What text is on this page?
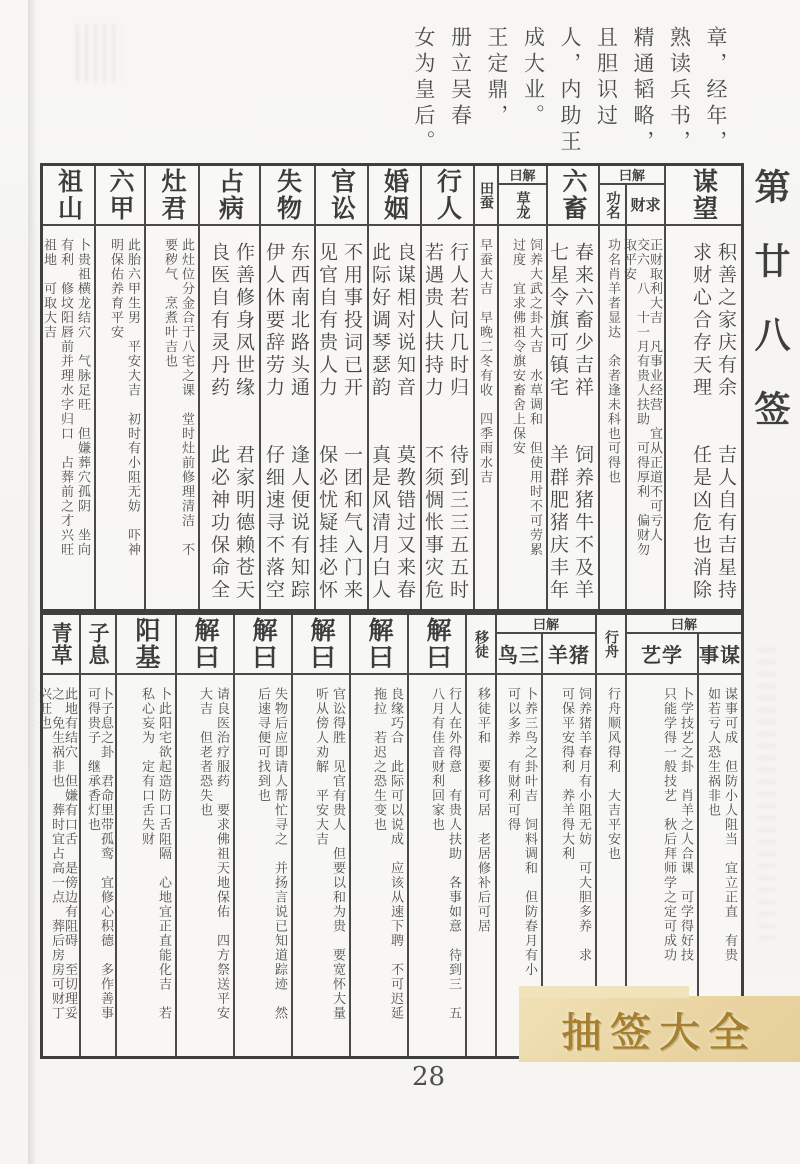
章，经年，
熟读兵书，
精通韬略，
且胆识过
人，内助王
成大业。
王定鼎，
册立吴春
女为皇后。
第廿八签
祖山
卜贵祖横龙结穴　气脉足旺　但嫌葬穴孤阴　坐向
有利　修坟阳唇前并理水字归口　占葬前之才兴旺
祖地　可取大吉
六甲
此胎六甲生男　平安大吉　初时有小阻无妨　吓神
明保佑养育平安
灶君
此灶位分金合于八宅之课　堂时灶前修理清洁　不
要秽气　烹煮叶吉也
占病
作善修身凤世缘　　君家明德赖苍天
良医自有灵丹药　　此必神功保命全
失物
东西南北路头通　　逢人便说有知踪
伊人休要辞劳力　　仔细速寻不落空
官讼
不用事投词已开　　一团和气入门来
见官自有贵人力　　保必忧疑挂必怀
婚姻
良谋相对说知音　　莫教错过又来春
此际好调琴瑟韵　　真是风清月白人
行人
行人若问几时归　　待到三三五五时
若遇贵人扶持力　　不须惆怅事灾危
田蚕
早蚕大吉　早晚二冬有收　四季雨水吉
曰解
草龙
饲养大武之卦大吉　水草调和　但使用时不可劳累
过度　宜求佛祖令旗安畜舍上保安
六畜
春来六畜少吉祥　　饲养猪牛不及羊
七星令旗可镇宅　　羊群肥猪庆丰年
曰解
功名
功名肖羊者显达　余者逢未科也可得也
财求
正财取利大吉　凡事业经营　宜从正道不可亏人
交六　八　十一月有贵人扶助　可得厚利　偏财勿
取平安
谋望
积善之家庆有余　　吉人自有吉星持
求财心合存天理　　任是凶危也消除
青草
此地有结穴　但嫌有口舌　是傍边有阻碍　至切理妥
之　免生祸非也　葬时宜占高一点　葬后房房可财丁
兴旺也
子息
卜子息之卦　君命里带孤鸾　宜修心积德　多作善事
可得贵子　继承香灯也
阳基
卜此阳宅欲起造防口舌阻隔　心地宜正直能化吉　若
私心妄为　定有口舌失财
解曰
请良医治疗服药　要求佛祖天地保佑　四方祭送平安
大吉　但老者恐失也
解曰
失物后应即请人帮忙寻之　并扬言说已知道踪迹　然
后速寻便可找到也
解曰
官讼得胜　见官有贵人　但要以和为贵　要宽怀大量
听从傍人劝解　平安大吉
解曰
良缘巧合　此际可以说成　应该从速下聘　不可迟延
拖拉　若迟之恐生变也
解曰
行人在外得意　有贵人扶助　各事如意　待到三　五
八月有佳音财利回家也
移徒
移徒平和　要移可居　老居修补后可居
曰解
鸟三
卜养三鸟之卦叶吉　饲料调和　但防春月有小
可以多养　有财利可得
羊猪
饲养猪羊春月有小阻无妨　可大胆多养　求
可保平安得利　养羊得大利
行舟
行舟顺风得利　大吉平安也
曰解
艺学
卜学技艺之卦　肖羊之人合课　可学得好技
只能学得一般技艺　秋后拜师学之定可成功
事谋
谋事可成　但防小人阻当　宜立正直　有贵
如若亏人恐生祸非也
抽签大全
28
